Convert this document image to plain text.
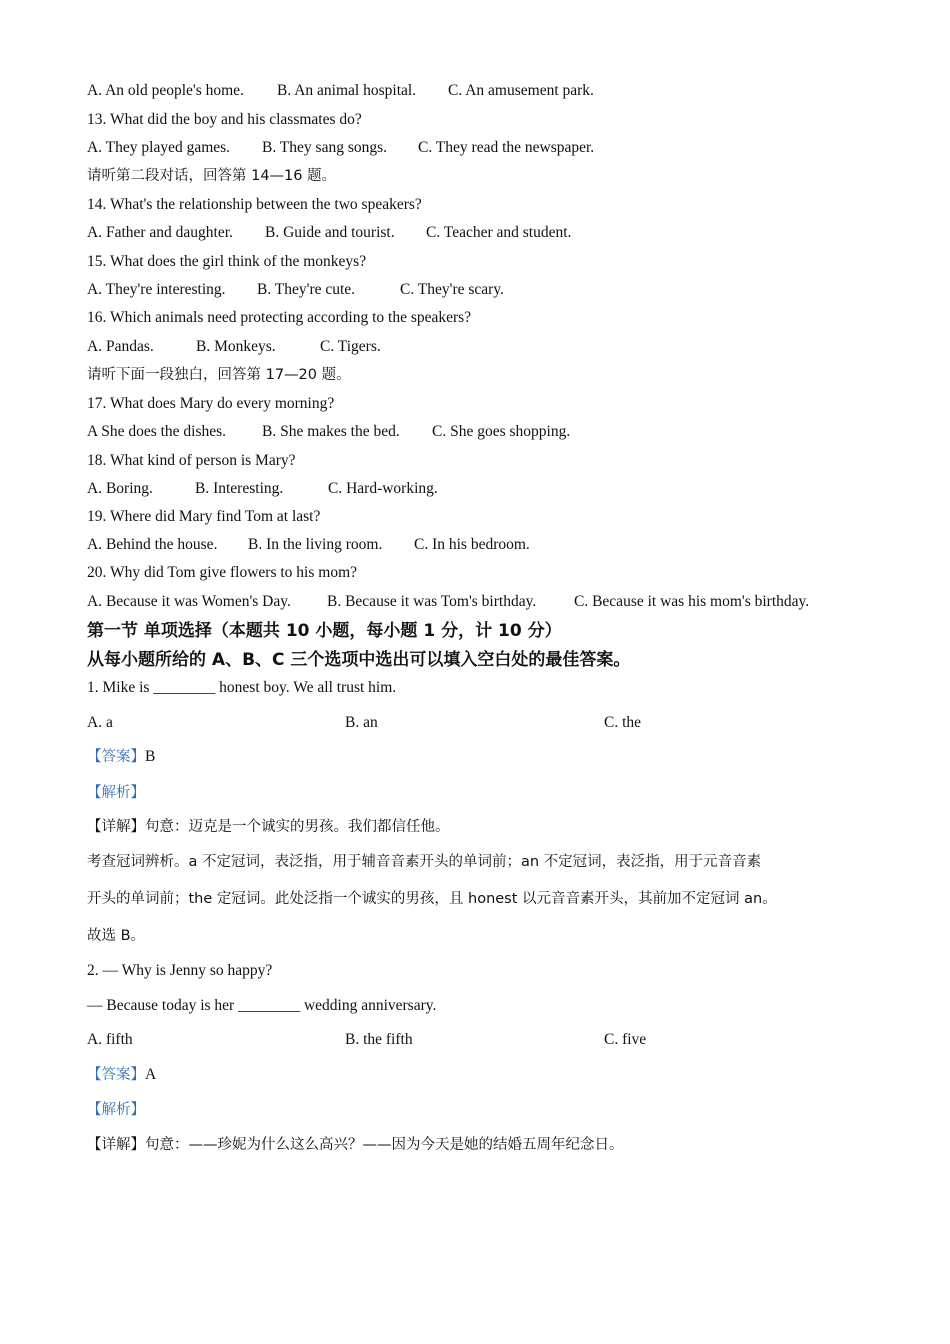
A. An old people's home. B. An animal hospital. C. An amusement park.
13. What did the boy and his classmates do?
A. They played games. B. They sang songs. C. They read the newspaper.
请听第二段对话，回答第 14—16 题。
14. What's the relationship between the two speakers?
A. Father and daughter. B. Guide and tourist. C. Teacher and student.
15. What does the girl think of the monkeys?
A. They're interesting. B. They're cute.	C. They're scary.
16. Which animals need protecting according to the speakers?
A. Pandas.	B. Monkeys.	C. Tigers.
请听下面一段独白，回答第 17—20 题。
17. What does Mary do every morning?
A She does the dishes. B. She makes the bed. C. She goes shopping.
18. What kind of person is Mary?
A. Boring.	B. Interesting.	C. Hard-working.
19. Where did Mary find Tom at last?
A. Behind the house. B. In the living room. C. In his bedroom.
20. Why did Tom give flowers to his mom?
A. Because it was Women's Day. B. Because it was Tom's birthday. C. Because it was his mom's birthday.
第一节 单项选择（本题共 10 小题，每小题 1 分，计 10 分）
从每小题所给的 A、B、C 三个选项中选出可以填入空白处的最佳答案。
1. Mike is ________ honest boy. We all trust him.
A. a	B. an	C. the
【答案】B
【解析】
【详解】句意：迈克是一个诚实的男孩。我们都信任他。
考查冠词辨析。a 不定冠词，表泛指，用于辅音音素开头的单词前；an 不定冠词，表泛指，用于元音音素
开头的单词前；the 定冠词。此处泛指一个诚实的男孩，且 honest 以元音音素开头，其前加不定冠词 an。
故选 B。
2. — Why is Jenny so happy?
— Because today is her ________ wedding anniversary.
A. fifth	B. the fifth	C. five
【答案】A
【解析】
【详解】句意：——珍妮为什么这么高兴？——因为今天是她的结婚五周年纪念日。
